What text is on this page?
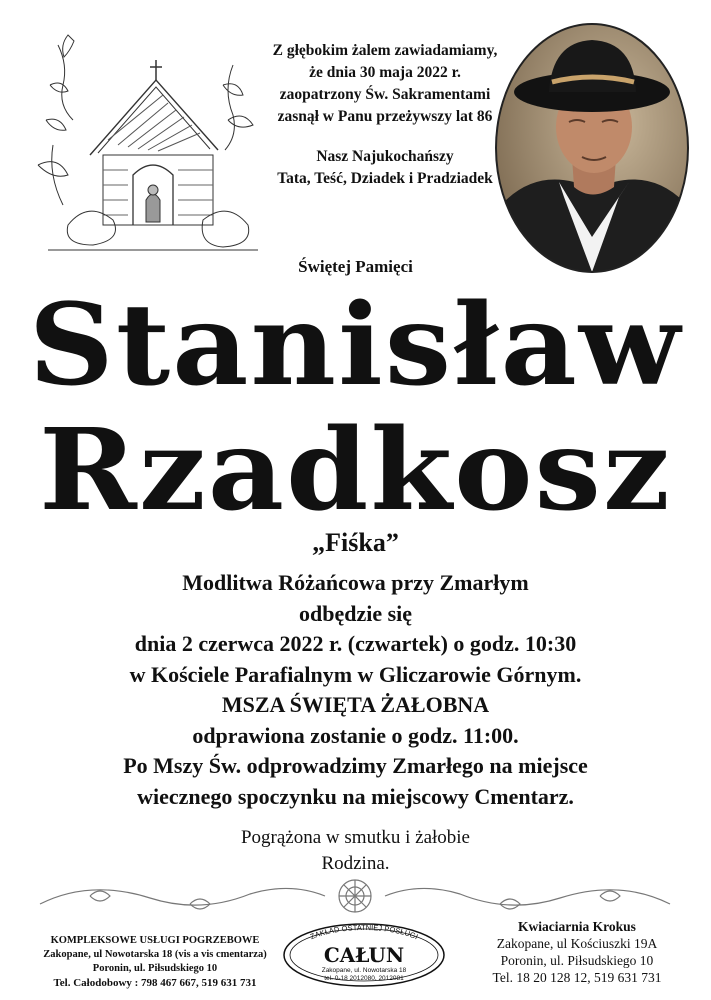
Z głębokim żalem zawiadamiamy,
że dnia 30 maja 2022 r.
zaopatrzony Św. Sakramentami
zasnął w Panu przeżywszy lat 86
Nasz Najukochańszy
Tata, Teść, Dziadek i Pradziadek
Świętej Pamięci
Stanisław
Rzadkosz
„Fiśka”
Modlitwa Różańcowa przy Zmarłym
odbędzie się
dnia 2 czerwca 2022 r. (czwartek) o godz. 10:30
w Kościele Parafialnym w Gliczarowie Górnym.
MSZA ŚWIĘTA ŻAŁOBNA
odprawiona zostanie o godz. 11:00.
Po Mszy Św. odprowadzimy Zmarłego na miejsce
wiecznego spoczynku na miejscowy Cmentarz.
Pogrążona w smutku i żałobie
Rodzina.
KOMPLEKSOWE USŁUGI POGRZEBOWE
Zakopane, ul Nowotarska 18 (vis a vis cmentarza)
Poronin, ul. Piłsudskiego 10
Tel. Całodobowy : 798 467 667, 519 631 731
ZAKŁAD OSTATNIEJ POSŁUGI
CAŁUN
Zakopane, ul. Nowotarska 18
tel. 0-18 2012080, 2012081
Kwiaciarnia Krokus
Zakopane, ul Kościuszki 19A
Poronin, ul. Piłsudskiego 10
Tel. 18 20 128 12, 519 631 731
